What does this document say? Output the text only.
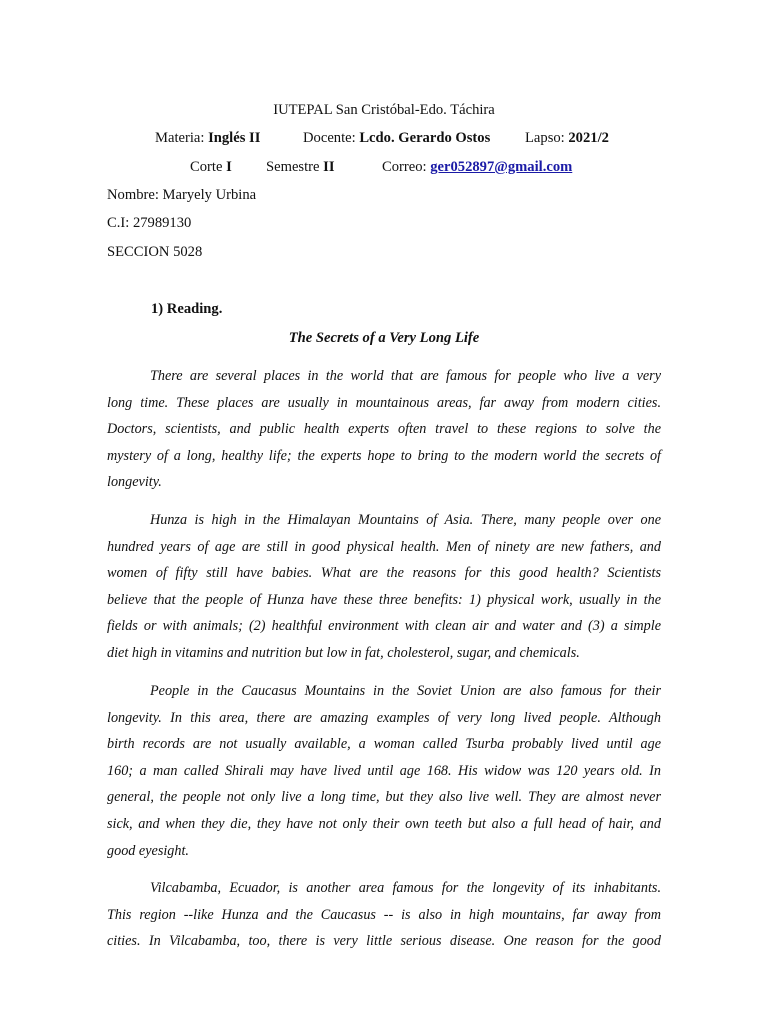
IUTEPAL San Cristóbal-Edo. Táchira
Materia: Inglés II	Docente: Lcdo. Gerardo Ostos Lapso: 2021/2
Corte I Semestre II	Correo: ger052897@gmail.com
Nombre: Maryely Urbina
C.I: 27989130
SECCION 5028
1) Reading.
The Secrets of a Very Long Life
There are several places in the world that are famous for people who live a very
long time. These places are usually in mountainous areas, far away from modern cities.
Doctors, scientists, and public health experts often travel to these regions to solve the
mystery of a long, healthy life; the experts hope to bring to the modern world the secrets of
longevity.
Hunza is high in the Himalayan Mountains of Asia. There, many people over one
hundred years of age are still in good physical health. Men of ninety are new fathers, and
women of fifty still have babies. What are the reasons for this good health? Scientists
believe that the people of Hunza have these three benefits: 1) physical work, usually in the
fields or with animals; (2) healthful environment with clean air and water and (3) a simple
diet high in vitamins and nutrition but low in fat, cholesterol, sugar, and chemicals.
People in the Caucasus Mountains in the Soviet Union are also famous for their
longevity. In this area, there are amazing examples of very long lived people. Although
birth records are not usually available, a woman called Tsurba probably lived until age
160; a man called Shirali may have lived until age 168. His widow was 120 years old. In
general, the people not only live a long time, but they also live well. They are almost never
sick, and when they die, they have not only their own teeth but also a full head of hair, and
good eyesight.
Vilcabamba, Ecuador, is another area famous for the longevity of its inhabitants.
This region --like Hunza and the Caucasus -- is also in high mountains, far away from
cities. In Vilcabamba, too, there is very little serious disease. One reason for the good
